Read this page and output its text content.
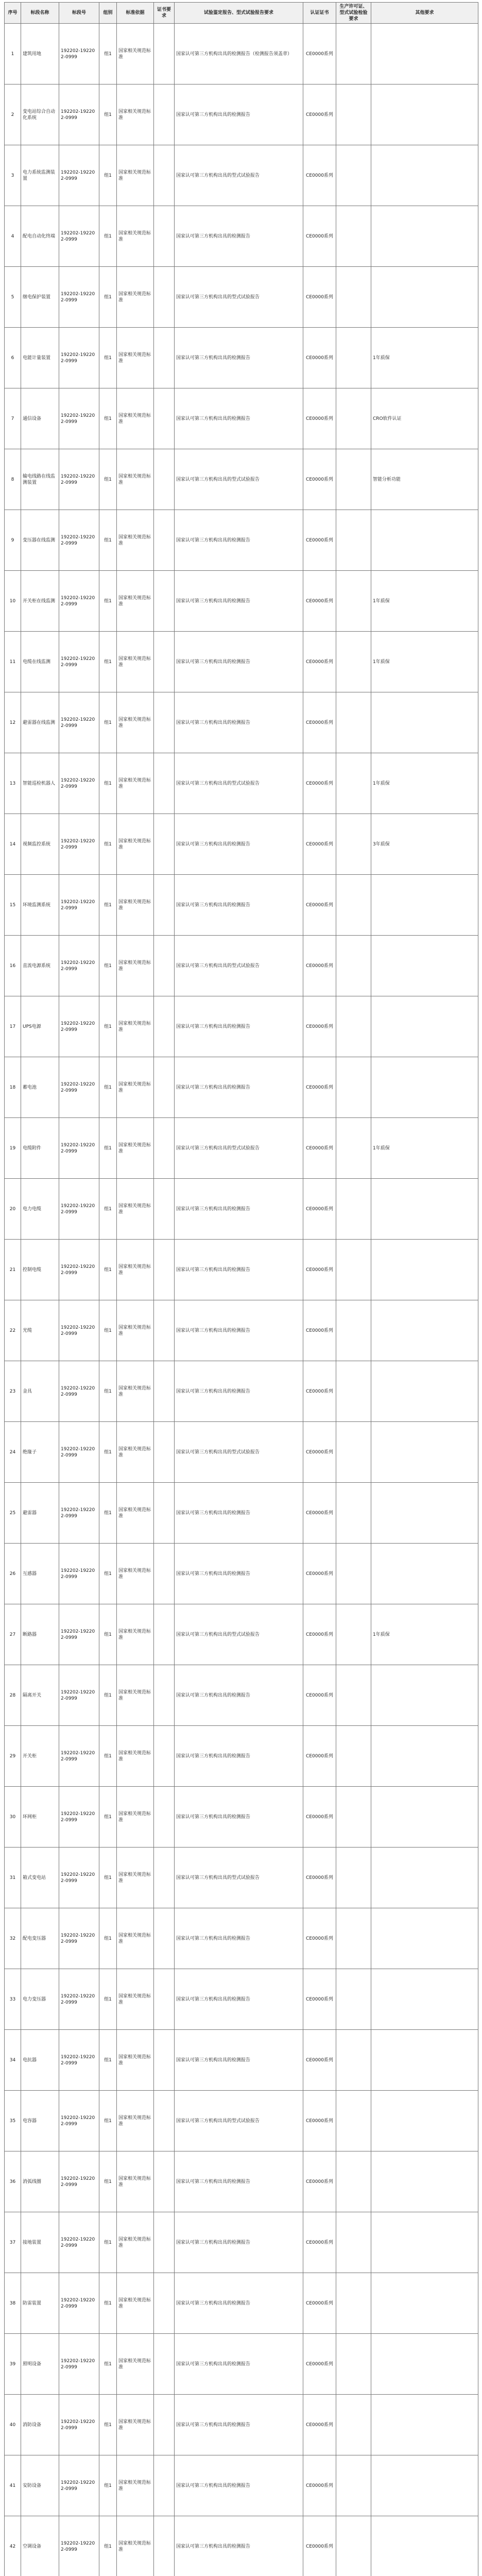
序号	标段名称	标段号	组别	标准依据	证书要求	试验鉴定报告、型式试验报告要求	认证证书	生产许可证、型式试验检验要求	其他要求
1	建筑用地	192202-192202-0999	组1	国家相关规范标准		国家认可第三方机构出具的检测报告（检测报告须盖章）	CE0000系列		
2	变电站综合自动化系统	192202-192202-0999	组1	国家相关规范标准		国家认可第三方机构出具的检测报告	CE0000系列		
3	电力系统监测装置	192202-192202-0999	组1	国家相关规范标准		国家认可第三方机构出具的型式试验报告	CE0000系列		
4	配电自动化终端	192202-192202-0999	组1	国家相关规范标准		国家认可第三方机构出具的检测报告	CE0000系列		
5	继电保护装置	192202-192202-0999	组1	国家相关规范标准		国家认可第三方机构出具的型式试验报告	CE0000系列		
6	电能计量装置	192202-192202-0999	组1	国家相关规范标准		国家认可第三方机构出具的检测报告	CE0000系列		1年质保
7	通信设备	192202-192202-0999	组1	国家相关规范标准		国家认可第三方机构出具的检测报告	CE0000系列		CRO软件认证
8	输电线路在线监测装置	192202-192202-0999	组1	国家相关规范标准		国家认可第三方机构出具的型式试验报告	CE0000系列		智能分析功能
9	变压器在线监测	192202-192202-0999	组1	国家相关规范标准		国家认可第三方机构出具的检测报告	CE0000系列		
10	开关柜在线监测	192202-192202-0999	组1	国家相关规范标准		国家认可第三方机构出具的检测报告	CE0000系列		1年质保
11	电缆在线监测	192202-192202-0999	组1	国家相关规范标准		国家认可第三方机构出具的检测报告	CE0000系列		1年质保
12	避雷器在线监测	192202-192202-0999	组1	国家相关规范标准		国家认可第三方机构出具的检测报告	CE0000系列		
13	智能巡检机器人	192202-192202-0999	组1	国家相关规范标准		国家认可第三方机构出具的型式试验报告	CE0000系列		1年质保
14	视频监控系统	192202-192202-0999	组1	国家相关规范标准		国家认可第三方机构出具的检测报告	CE0000系列		3年质保
15	环境监测系统	192202-192202-0999	组1	国家相关规范标准		国家认可第三方机构出具的检测报告	CE0000系列		
16	直流电源系统	192202-192202-0999	组1	国家相关规范标准		国家认可第三方机构出具的型式试验报告	CE0000系列		
17	UPS电源	192202-192202-0999	组1	国家相关规范标准		国家认可第三方机构出具的检测报告	CE0000系列		
18	蓄电池	192202-192202-0999	组1	国家相关规范标准		国家认可第三方机构出具的检测报告	CE0000系列		
19	电缆附件	192202-192202-0999	组1	国家相关规范标准		国家认可第三方机构出具的型式试验报告	CE0000系列		1年质保
20	电力电缆	192202-192202-0999	组1	国家相关规范标准		国家认可第三方机构出具的检测报告	CE0000系列		
21	控制电缆	192202-192202-0999	组1	国家相关规范标准		国家认可第三方机构出具的检测报告	CE0000系列		
22	光缆	192202-192202-0999	组1	国家相关规范标准		国家认可第三方机构出具的检测报告	CE0000系列		
23	金具	192202-192202-0999	组1	国家相关规范标准		国家认可第三方机构出具的检测报告	CE0000系列		
24	绝缘子	192202-192202-0999	组1	国家相关规范标准		国家认可第三方机构出具的型式试验报告	CE0000系列		
25	避雷器	192202-192202-0999	组1	国家相关规范标准		国家认可第三方机构出具的检测报告	CE0000系列		
26	互感器	192202-192202-0999	组1	国家相关规范标准		国家认可第三方机构出具的检测报告	CE0000系列		
27	断路器	192202-192202-0999	组1	国家相关规范标准		国家认可第三方机构出具的型式试验报告	CE0000系列		1年质保
28	隔离开关	192202-192202-0999	组1	国家相关规范标准		国家认可第三方机构出具的检测报告	CE0000系列		
29	开关柜	192202-192202-0999	组1	国家相关规范标准		国家认可第三方机构出具的检测报告	CE0000系列		
30	环网柜	192202-192202-0999	组1	国家相关规范标准		国家认可第三方机构出具的检测报告	CE0000系列		
31	箱式变电站	192202-192202-0999	组1	国家相关规范标准		国家认可第三方机构出具的型式试验报告	CE0000系列		
32	配电变压器	192202-192202-0999	组1	国家相关规范标准		国家认可第三方机构出具的检测报告	CE0000系列		
33	电力变压器	192202-192202-0999	组1	国家相关规范标准		国家认可第三方机构出具的检测报告	CE0000系列		
34	电抗器	192202-192202-0999	组1	国家相关规范标准		国家认可第三方机构出具的检测报告	CE0000系列		
35	电容器	192202-192202-0999	组1	国家相关规范标准		国家认可第三方机构出具的型式试验报告	CE0000系列		
36	消弧线圈	192202-192202-0999	组1	国家相关规范标准		国家认可第三方机构出具的检测报告	CE0000系列		
37	接地装置	192202-192202-0999	组1	国家相关规范标准		国家认可第三方机构出具的检测报告	CE0000系列		
38	防雷装置	192202-192202-0999	组1	国家相关规范标准		国家认可第三方机构出具的检测报告	CE0000系列		
39	照明设备	192202-192202-0999	组1	国家相关规范标准		国家认可第三方机构出具的检测报告	CE0000系列		
40	消防设备	192202-192202-0999	组1	国家相关规范标准		国家认可第三方机构出具的检测报告	CE0000系列		
41	安防设备	192202-192202-0999	组1	国家相关规范标准		国家认可第三方机构出具的检测报告	CE0000系列		
42	空调设备	192202-192202-0999	组1	国家相关规范标准		国家认可第三方机构出具的检测报告	CE0000系列		
